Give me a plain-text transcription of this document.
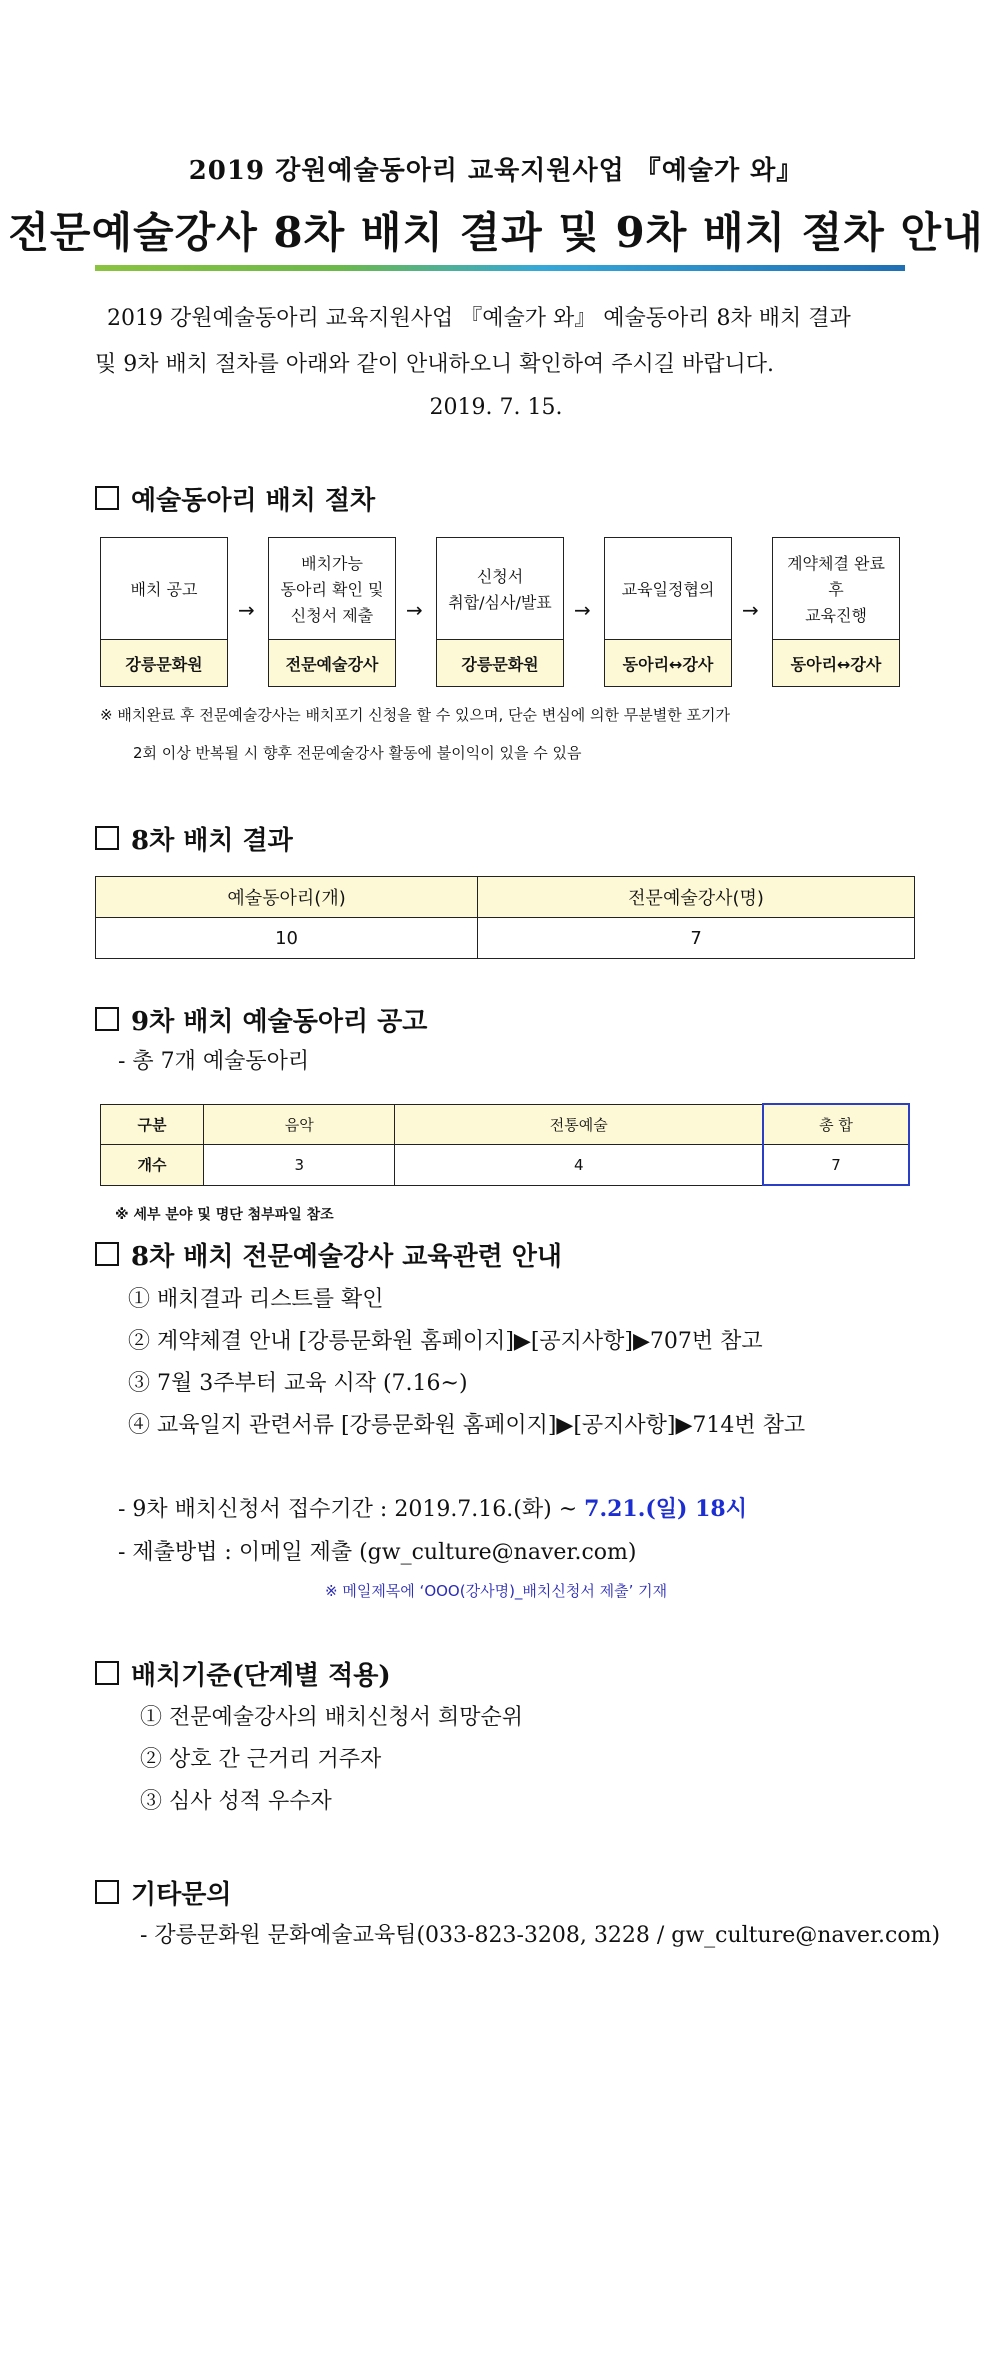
2019 강원예술동아리 교육지원사업 『예술가 와』
전문예술강사 8차 배치 결과 및 9차 배치 절차 안내

2019 강원예술동아리 교육지원사업 『예술가 와』 예술동아리 8차 배치 결과

및 9차 배치 절차를 아래와 같이 안내하오니 확인하여 주시길 바랍니다.

2019. 7. 15.
예술동아리 배치 절차
배치 공고
강릉문화원
→
배치가능
동아리 확인 및
신청서 제출
전문예술강사
→
신청서
취합/심사/발표
강릉문화원
→
교육일정협의
동아리↔강사
→
계약체결 완료
후
교육진행
동아리↔강사
※ 배치완료 후 전문예술강사는 배치포기 신청을 할 수 있으며, 단순 변심에 의한 무분별한 포기가
2회 이상 반복될 시 향후 전문예술강사 활동에 불이익이 있을 수 있음
8차 배치 결과
예술동아리(개)	전문예술강사(명)
10	7
9차 배치 예술동아리 공고
- 총 7개 예술동아리
구분	음악	전통예술	총 합
개수	3	4	7
※ 세부 분야 및 명단 첨부파일 참조
8차 배치 전문예술강사 교육관련 안내
① 배치결과 리스트를 확인
② 계약체결 안내 [강릉문화원 홈페이지]▶[공지사항]▶707번 참고
③ 7월 3주부터 교육 시작 (7.16~)
④ 교육일지 관련서류 [강릉문화원 홈페이지]▶[공지사항]▶714번 참고
- 9차 배치신청서 접수기간 : 2019.7.16.(화) ~ 7.21.(일) 18시
- 제출방법 : 이메일 제출 (gw_culture@naver.com)
※ 메일제목에 ‘OOO(강사명)_배치신청서 제출’ 기재
배치기준(단계별 적용)
① 전문예술강사의 배치신청서 희망순위
② 상호 간 근거리 거주자
③ 심사 성적 우수자
기타문의
- 강릉문화원 문화예술교육팀(033-823-3208, 3228 / gw_culture@naver.com)
